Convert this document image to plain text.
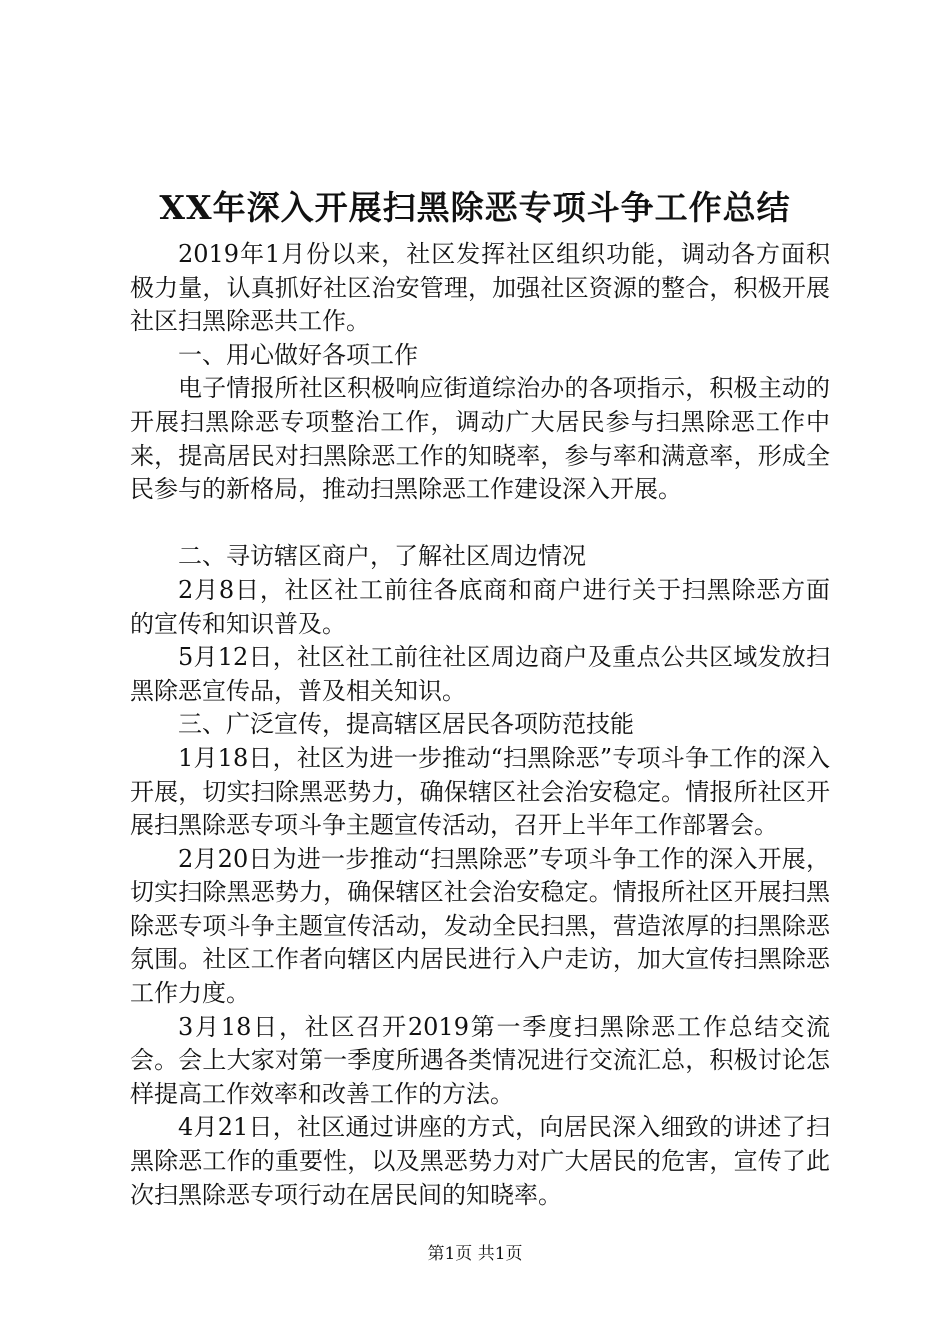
XX年深入开展扫黑除恶专项斗争工作总结

2019年1月份以来，社区发挥社区组织功能，调动各方面积极力量，认真抓好社区治安管理，加强社区资源的整合，积极开展社区扫黑除恶共工作。

一、用心做好各项工作

电子情报所社区积极响应街道综治办的各项指示，积极主动的开展扫黑除恶专项整治工作，调动广大居民参与扫黑除恶工作中来，提高居民对扫黑除恶工作的知晓率，参与率和满意率，形成全民参与的新格局，推动扫黑除恶工作建设深入开展。

二、寻访辖区商户，了解社区周边情况

2月8日，社区社工前往各底商和商户进行关于扫黑除恶方面的宣传和知识普及。

5月12日，社区社工前往社区周边商户及重点公共区域发放扫黑除恶宣传品，普及相关知识。

三、广泛宣传，提高辖区居民各项防范技能

1月18日，社区为进一步推动“扫黑除恶”专项斗争工作的深入开展，切实扫除黑恶势力，确保辖区社会治安稳定。情报所社区开展扫黑除恶专项斗争主题宣传活动，召开上半年工作部署会。

2月20日为进一步推动“扫黑除恶”专项斗争工作的深入开展，切实扫除黑恶势力，确保辖区社会治安稳定。情报所社区开展扫黑除恶专项斗争主题宣传活动，发动全民扫黑，营造浓厚的扫黑除恶氛围。社区工作者向辖区内居民进行入户走访，加大宣传扫黑除恶工作力度。

3月18日，社区召开2019第一季度扫黑除恶工作总结交流会。会上大家对第一季度所遇各类情况进行交流汇总，积极讨论怎样提高工作效率和改善工作的方法。

4月21日，社区通过讲座的方式，向居民深入细致的讲述了扫黑除恶工作的重要性，以及黑恶势力对广大居民的危害，宣传了此次扫黑除恶专项行动在居民间的知晓率。

第1页 共1页
